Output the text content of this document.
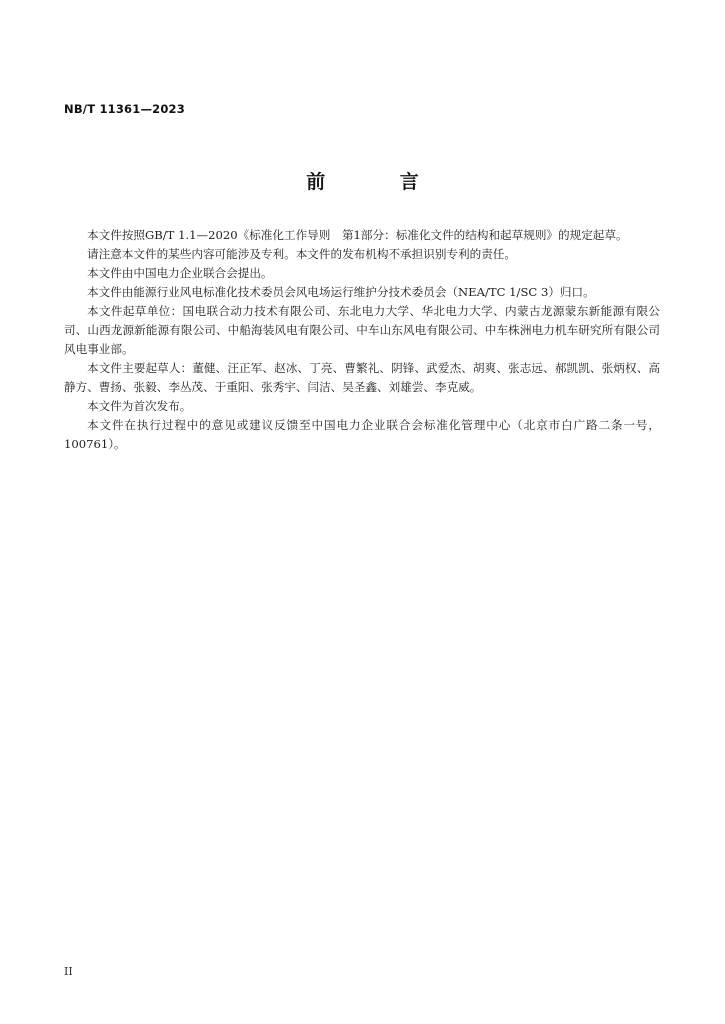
NB/T 11361—2023
前 言

本文件按照GB/T 1.1—2020《标准化工作导则　第1部分：标准化文件的结构和起草规则》的规定起草。

请注意本文件的某些内容可能涉及专利。本文件的发布机构不承担识别专利的责任。

本文件由中国电力企业联合会提出。

本文件由能源行业风电标准化技术委员会风电场运行维护分技术委员会（NEA/TC 1/SC 3）归口。

本文件起草单位：国电联合动力技术有限公司、东北电力大学、华北电力大学、内蒙古龙源蒙东新能源有限公司、山西龙源新能源有限公司、中船海装风电有限公司、中车山东风电有限公司、中车株洲电力机车研究所有限公司风电事业部。

本文件主要起草人：董健、汪正军、赵冰、丁亮、曹繁礼、阴锋、武爱杰、胡爽、张志远、郝凯凯、张炳权、高静方、曹扬、张毅、李丛茂、于重阳、张秀宇、闫洁、吴圣鑫、刘雄尝、李克威。

本文件为首次发布。

本文件在执行过程中的意见或建议反馈至中国电力企业联合会标准化管理中心（北京市白广路二条一号，100761）。

II
